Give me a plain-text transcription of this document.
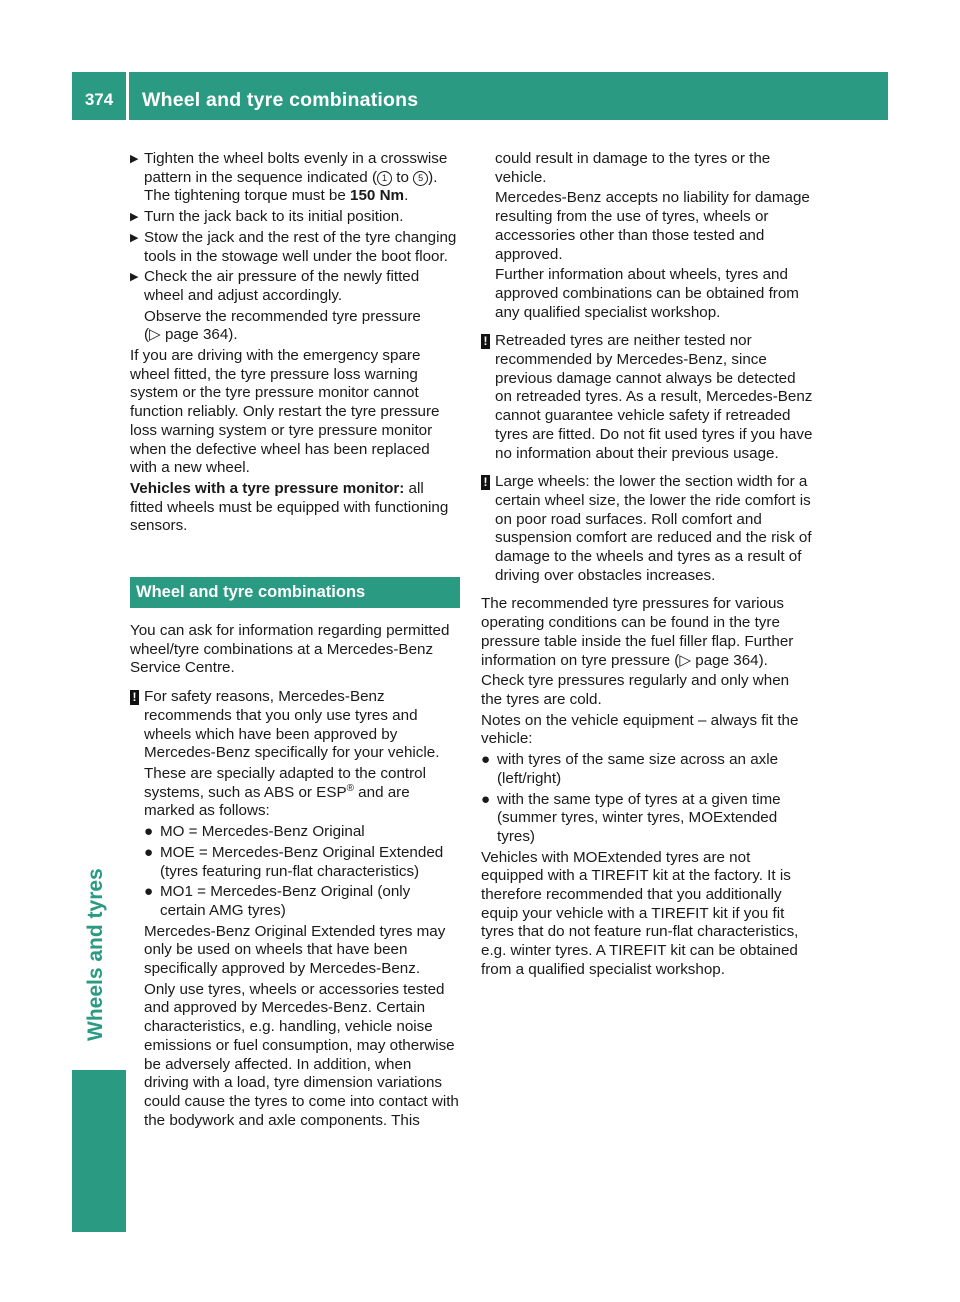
374	Wheel and tyre combinations
Wheels and tyres
▶ Tighten the wheel bolts evenly in a crosswise pattern in the sequence indicated ( 1 to 5 ). The tightening torque must be 150 Nm.
▶ Turn the jack back to its initial position.
▶ Stow the jack and the rest of the tyre changing tools in the stowage well under the boot floor.
▶ Check the air pressure of the newly fitted wheel and adjust accordingly.
Observe the recommended tyre pressure
(▷ page 364).

If you are driving with the emergency spare wheel fitted, the tyre pressure loss warning system or the tyre pressure monitor cannot function reliably. Only restart the tyre pressure loss warning system or tyre pressure monitor when the defective wheel has been replaced with a new wheel.

Vehicles with a tyre pressure monitor: all fitted wheels must be equipped with functioning sensors.

Wheel and tyre combinations

You can ask for information regarding permitted wheel/tyre combinations at a Mercedes-Benz Service Centre.

! For safety reasons, Mercedes-Benz recommends that you only use tyres and wheels which have been approved by Mercedes-Benz specifically for your vehicle.

These are specially adapted to the control systems, such as ABS or ESP® and are marked as follows:

● MO = Mercedes-Benz Original
● MOE = Mercedes-Benz Original Extended (tyres featuring run-flat characteristics)
● MO1 = Mercedes-Benz Original (only certain AMG tyres)

Mercedes-Benz Original Extended tyres may only be used on wheels that have been specifically approved by Mercedes-Benz.

Only use tyres, wheels or accessories tested and approved by Mercedes-Benz. Certain characteristics, e.g. handling, vehicle noise emissions or fuel consumption, may otherwise be adversely affected. In addition, when driving with a load, tyre dimension variations could cause the tyres to come into contact with the bodywork and axle components. This

could result in damage to the tyres or the vehicle.

Mercedes-Benz accepts no liability for damage resulting from the use of tyres, wheels or accessories other than those tested and approved.

Further information about wheels, tyres and approved combinations can be obtained from any qualified specialist workshop.

! Retreaded tyres are neither tested nor recommended by Mercedes-Benz, since previous damage cannot always be detected on retreaded tyres. As a result, Mercedes-Benz cannot guarantee vehicle safety if retreaded tyres are fitted. Do not fit used tyres if you have no information about their previous usage.

! Large wheels: the lower the section width for a certain wheel size, the lower the ride comfort is on poor road surfaces. Roll comfort and suspension comfort are reduced and the risk of damage to the wheels and tyres as a result of driving over obstacles increases.

The recommended tyre pressures for various operating conditions can be found in the tyre pressure table inside the fuel filler flap. Further information on tyre pressure (▷ page 364).

Check tyre pressures regularly and only when the tyres are cold.

Notes on the vehicle equipment – always fit the vehicle:

● with tyres of the same size across an axle (left/right)
● with the same type of tyres at a given time (summer tyres, winter tyres, MOExtended tyres)

Vehicles with MOExtended tyres are not equipped with a TIREFIT kit at the factory. It is therefore recommended that you additionally equip your vehicle with a TIREFIT kit if you fit tyres that do not feature run-flat characteristics, e.g. winter tyres. A TIREFIT kit can be obtained from a qualified specialist workshop.
